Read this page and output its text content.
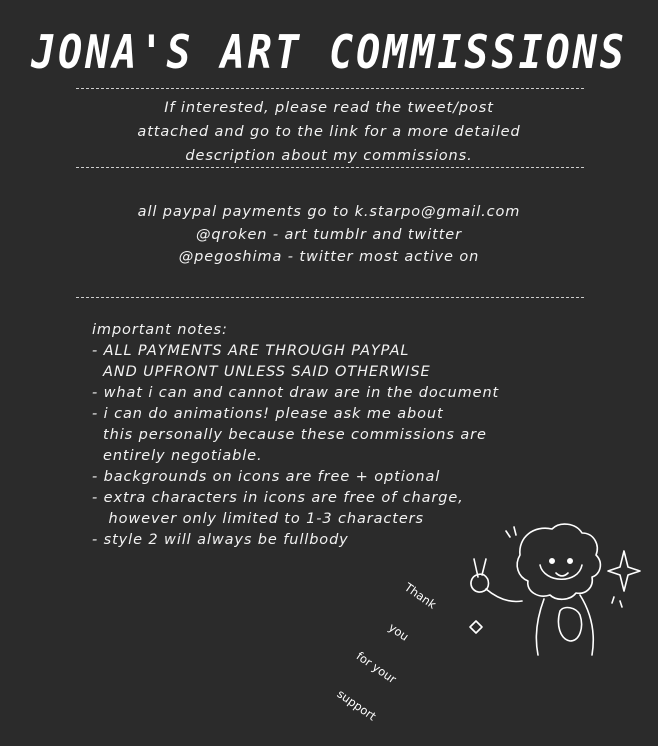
JONA'S ART COMMISSIONS
If interested, please read the tweet/post
attached and go to the link for a more detailed
description about my commissions.
all paypal payments go to k.starpo@gmail.com
@qroken - art tumblr and twitter
@pegoshima - twitter most active on
important notes:
- ALL PAYMENTS ARE THROUGH PAYPAL
AND UPFRONT UNLESS SAID OTHERWISE
- what i can and cannot draw are in the document
- i can do animations! please ask me about
this personally because these commissions are
entirely negotiable.
- backgrounds on icons are free + optional
- extra characters in icons are free of charge,
however only limited to 1-3 characters
- style 2 will always be fullbody

Thank

you

for your

support
